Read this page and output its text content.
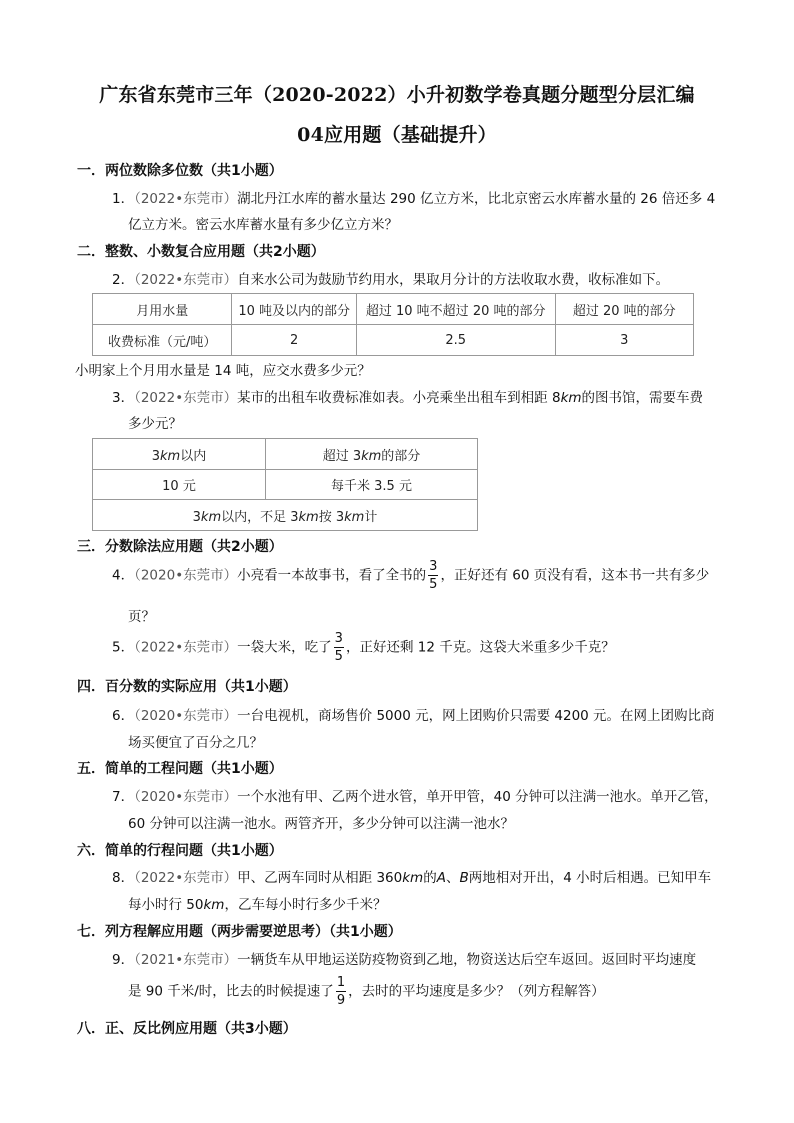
广东省东莞市三年（2020-2022）小升初数学卷真题分题型分层汇编
04应用题（基础提升）
一．两位数除多位数（共1小题）
1．（2022•东莞市）湖北丹江水库的蓄水量达 290 亿立方米，比北京密云水库蓄水量的 26 倍还多 4
亿立方米。密云水库蓄水量有多少亿立方米？
二．整数、小数复合应用题（共2小题）
2．（2022•东莞市）自来水公司为鼓励节约用水，果取月分计的方法收取水费，收标准如下。
月用水量	10 吨及以内的部分	超过 10 吨不超过 20 吨的部分	超过 20 吨的部分
收费标准（元/吨）	2	2.5	3
小明家上个月用水量是 14 吨，应交水费多少元？
3．（2022•东莞市）某市的出租车收费标准如表。小亮乘坐出租车到相距 8km的图书馆，需要车费
多少元？
3km以内	超过 3km的部分
10 元	每千米 3.5 元
3km以内，不足 3km按 3km计	
三．分数除法应用题（共2小题）
4．（2020•东莞市）小亮看一本故事书，看了全书的 $\frac{3}{5}$ ，正好还有 60 页没有看，这本书一共有多少
页？
5．（2022•东莞市）一袋大米，吃了 $\frac{3}{5}$ ，正好还剩 12 千克。这袋大米重多少千克？
四．百分数的实际应用（共1小题）
6．（2020•东莞市）一台电视机，商场售价 5000 元，网上团购价只需要 4200 元。在网上团购比商
场买便宜了百分之几？
五．简单的工程问题（共1小题）
7．（2020•东莞市）一个水池有甲、乙两个进水管，单开甲管，40 分钟可以注满一池水。单开乙管，
60 分钟可以注满一池水。两管齐开，多少分钟可以注满一池水？
六．简单的行程问题（共1小题）
8．（2022•东莞市）甲、乙两车同时从相距 360km的A、B两地相对开出，4 小时后相遇。已知甲车
每小时行 50km，乙车每小时行多少千米？
七．列方程解应用题（两步需要逆思考）（共1小题）
9．（2021•东莞市）一辆货车从甲地运送防疫物资到乙地，物资送达后空车返回。返回时平均速度
是 90 千米/时，比去的时候提速了 $\frac{1}{9}$ ，去时的平均速度是多少？（列方程解答）
八．正、反比例应用题（共3小题）
